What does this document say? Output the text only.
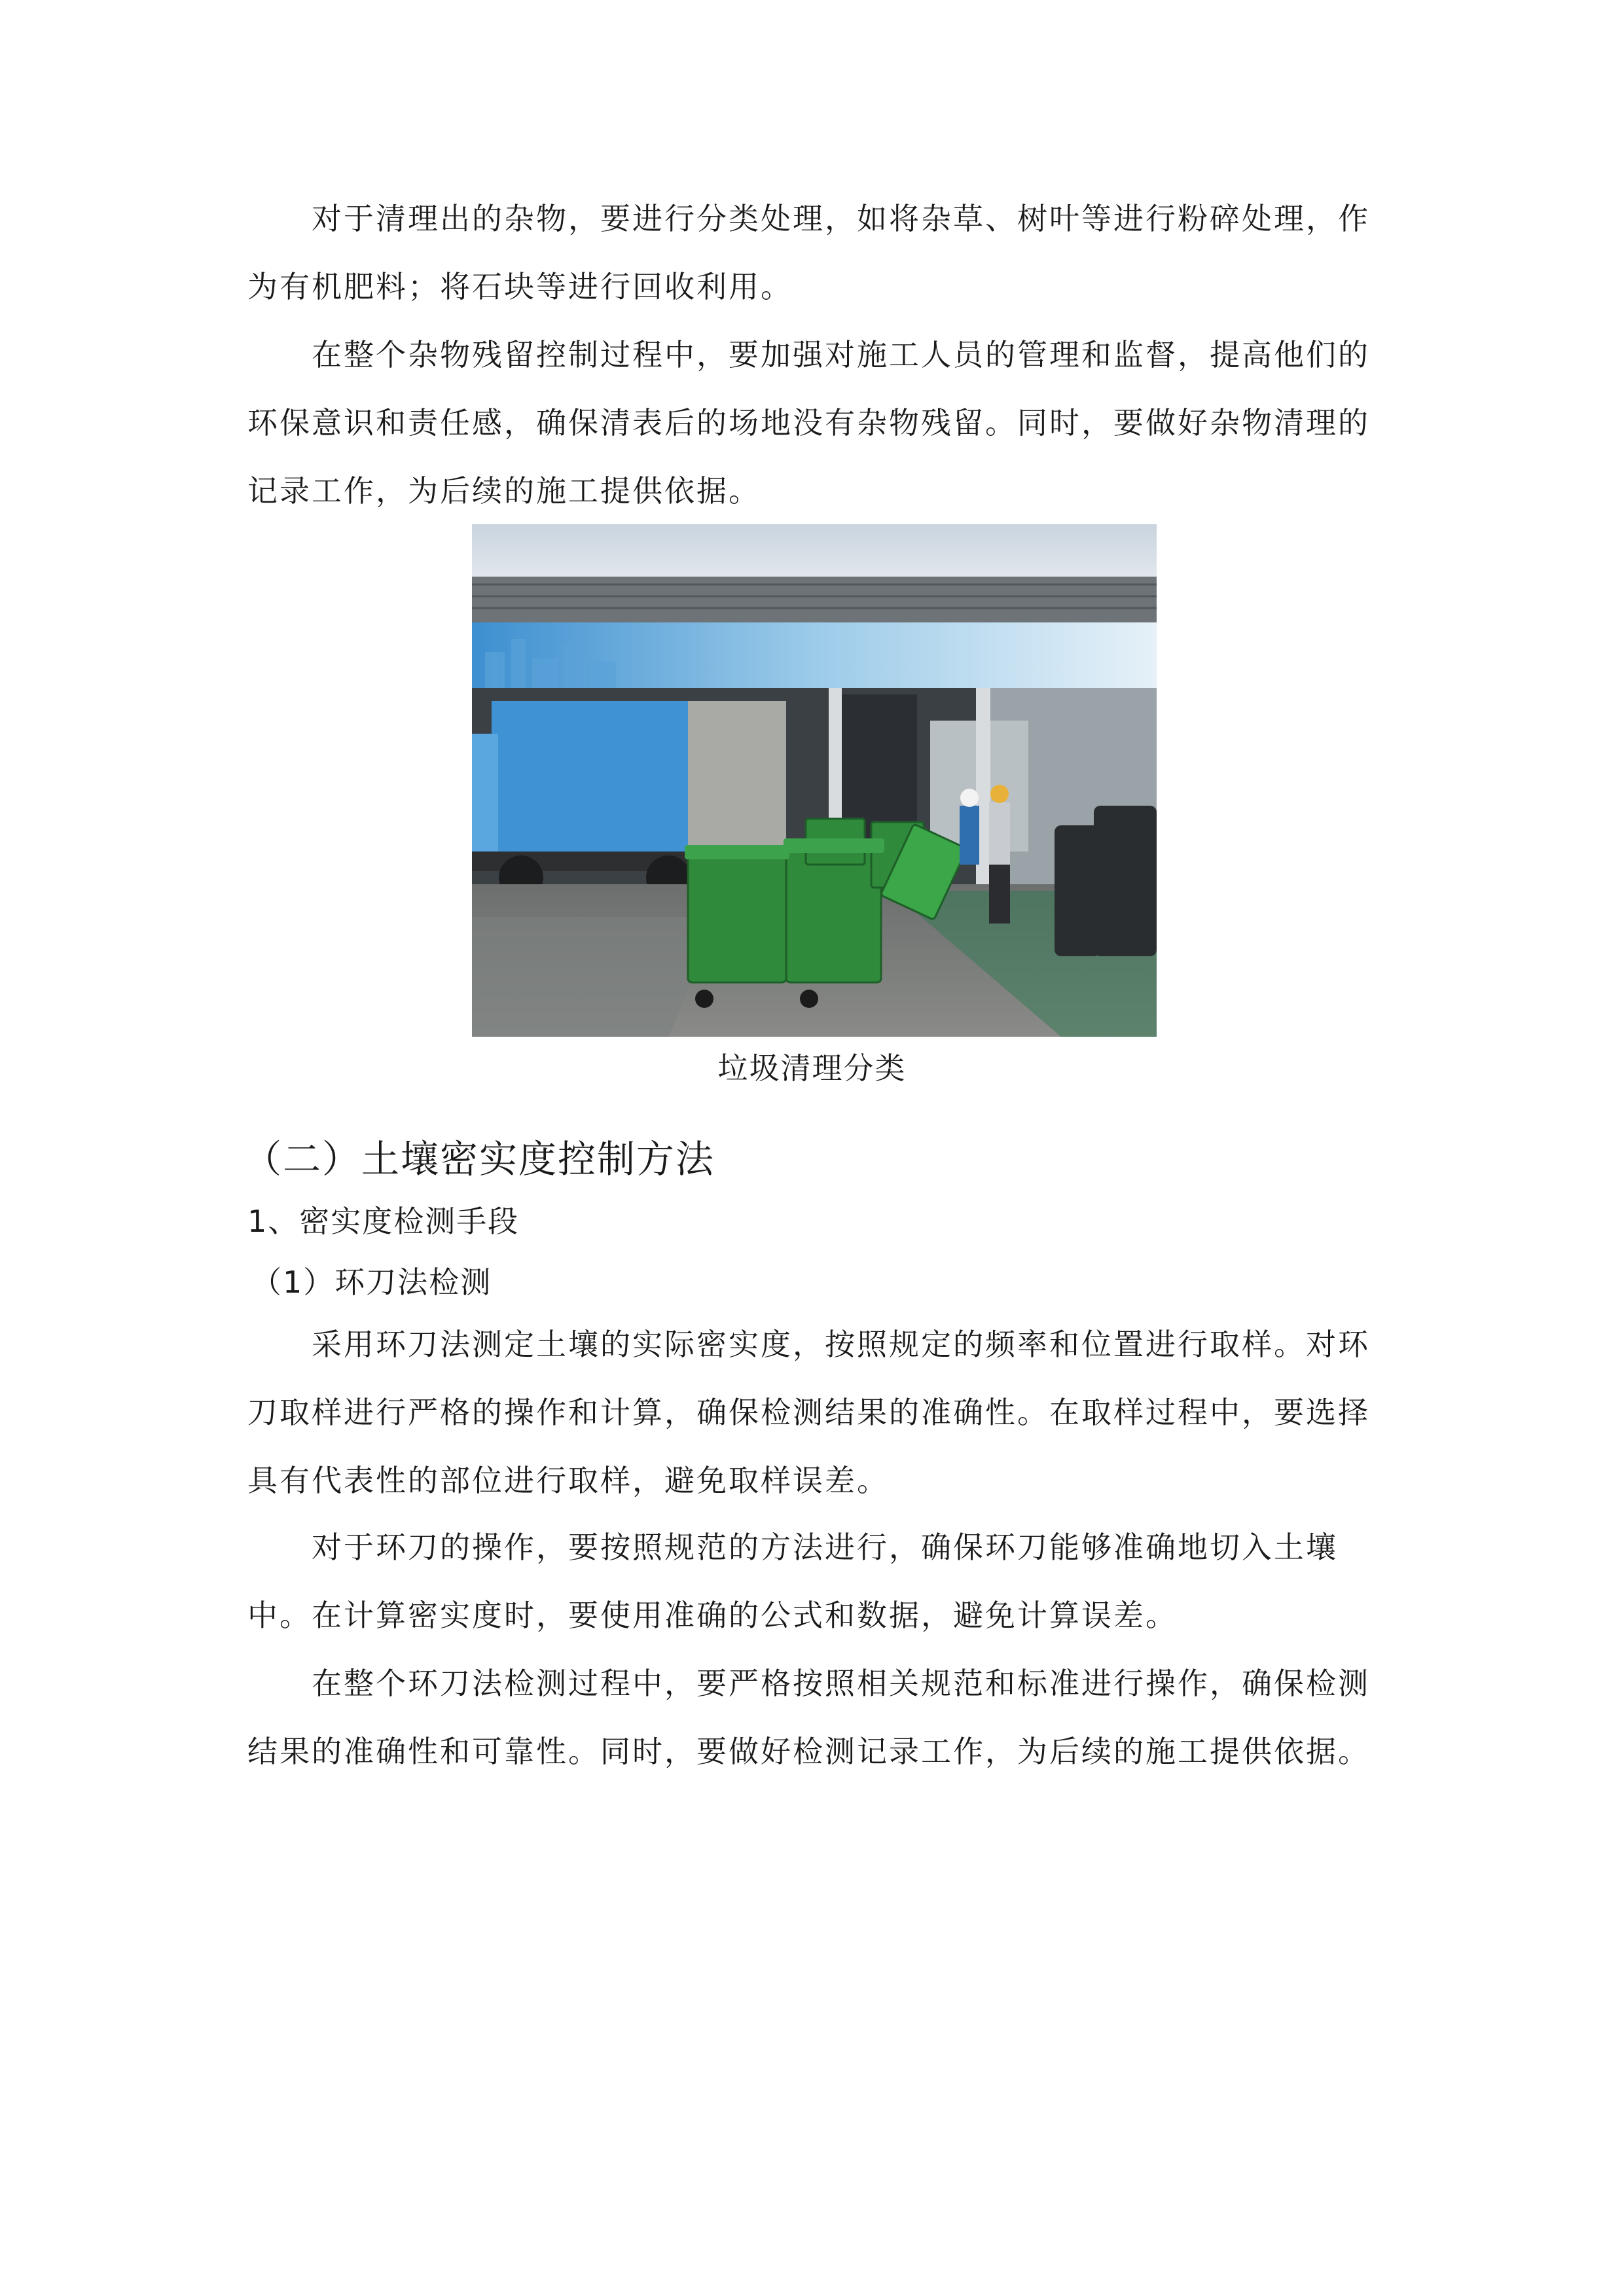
对于清理出的杂物，要进行分类处理，如将杂草、树叶等进行粉碎处理，作为有机肥料；将石块等进行回收利用。

在整个杂物残留控制过程中，要加强对施工人员的管理和监督，提高他们的环保意识和责任感，确保清表后的场地没有杂物残留。同时，要做好杂物清理的记录工作，为后续的施工提供依据。

垃圾清理分类
（二）土壤密实度控制方法
1、密实度检测手段
（1）环刀法检测

采用环刀法测定土壤的实际密实度，按照规定的频率和位置进行取样。对环刀取样进行严格的操作和计算，确保检测结果的准确性。在取样过程中，要选择具有代表性的部位进行取样，避免取样误差。

对于环刀的操作，要按照规范的方法进行，确保环刀能够准确地切入土壤中。在计算密实度时，要使用准确的公式和数据，避免计算误差。

在整个环刀法检测过程中，要严格按照相关规范和标准进行操作，确保检测结果的准确性和可靠性。同时，要做好检测记录工作，为后续的施工提供依据。
